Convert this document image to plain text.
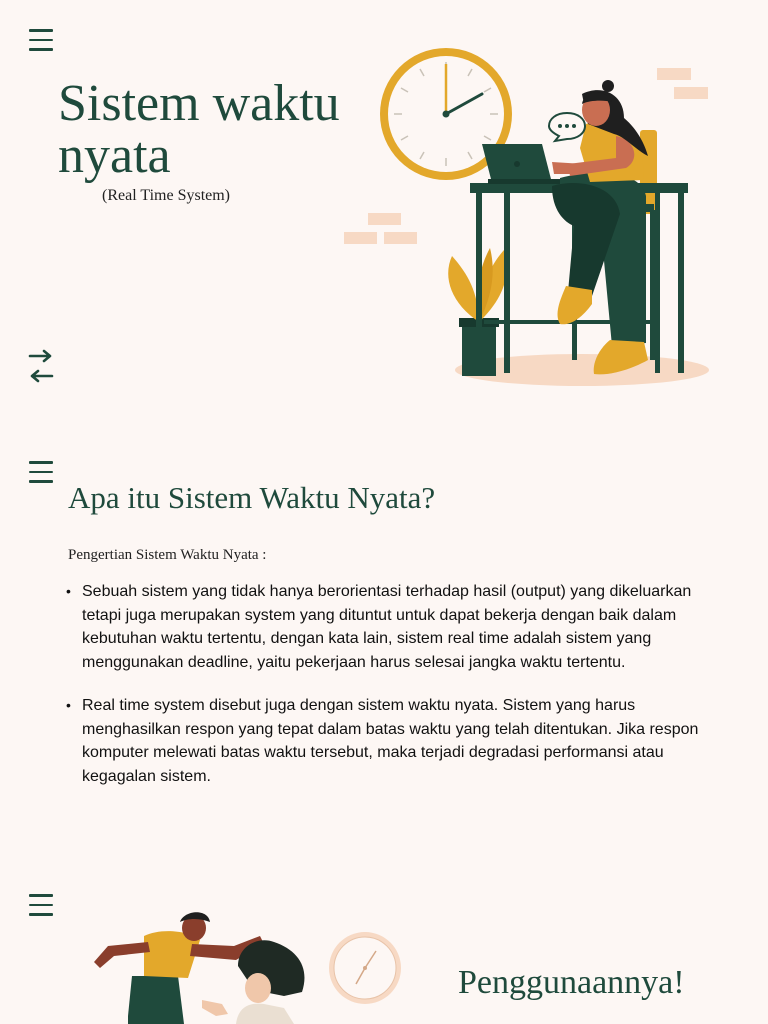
Sistem waktu nyata
(Real Time System)
Apa itu Sistem Waktu Nyata?
Pengertian Sistem Waktu Nyata :
• Sebuah sistem yang tidak hanya berorientasi terhadap hasil (output) yang dikeluarkan tetapi juga merupakan system yang dituntut untuk dapat bekerja dengan baik dalam kebutuhan waktu tertentu, dengan kata lain, sistem real time adalah sistem yang menggunakan deadline, yaitu pekerjaan harus selesai jangka waktu tertentu.
• Real time system disebut juga dengan sistem waktu nyata. Sistem yang harus menghasilkan respon yang tepat dalam batas waktu yang telah ditentukan. Jika respon komputer melewati batas waktu tersebut, maka terjadi degradasi performansi atau kegagalan sistem.
Penggunaannya!
